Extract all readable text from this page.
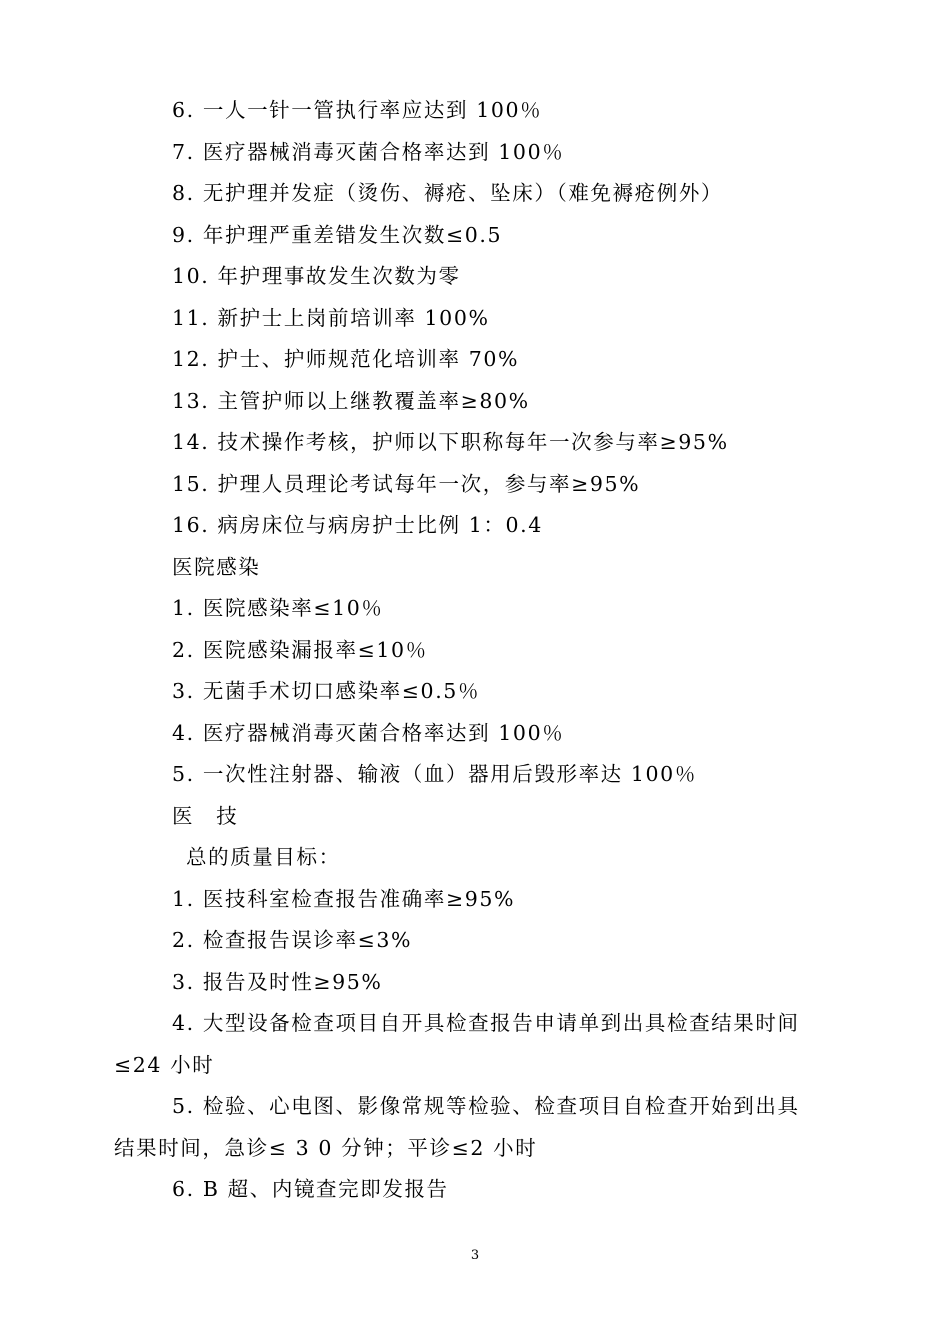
6. 一人一针一管执行率应达到 100％
7. 医疗器械消毒灭菌合格率达到 100％
8. 无护理并发症（烫伤、褥疮、坠床）（难免褥疮例外）
9. 年护理严重差错发生次数≤0.5
10. 年护理事故发生次数为零
11. 新护士上岗前培训率 100%
12. 护士、护师规范化培训率 70%
13. 主管护师以上继教覆盖率≥80%
14. 技术操作考核，护师以下职称每年一次参与率≥95%
15. 护理人员理论考试每年一次，参与率≥95%
16. 病房床位与病房护士比例 1：0.4
医院感染
1. 医院感染率≤10％
2. 医院感染漏报率≤10％
3. 无菌手术切口感染率≤0.5％
4. 医疗器械消毒灭菌合格率达到 100％
5. 一次性注射器、输液（血）器用后毁形率达 100％
医　技
总的质量目标：
1. 医技科室检查报告准确率≥95%
2. 检查报告误诊率≤3%
3. 报告及时性≥95%
4. 大型设备检查项目自开具检查报告申请单到出具检查结果时间
≤24 小时
5. 检验、心电图、影像常规等检验、检查项目自检查开始到出具
结果时间，急诊≤ 3 0 分钟；平诊≤2 小时
6. B 超、内镜查完即发报告
3
